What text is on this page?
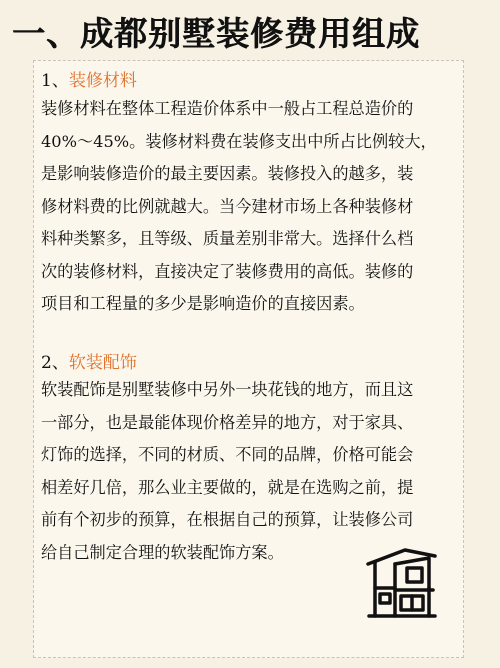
一、成都别墅装修费用组成
1、装修材料
装修材料在整体工程造价体系中一般占工程总造价的
40%～45%。装修材料费在装修支出中所占比例较大，
是影响装修造价的最主要因素。装修投入的越多，装
修材料费的比例就越大。当今建材市场上各种装修材
料种类繁多，且等级、质量差别非常大。选择什么档
次的装修材料，直接决定了装修费用的高低。装修的
项目和工程量的多少是影响造价的直接因素。
2、软装配饰
软装配饰是别墅装修中另外一块花钱的地方，而且这
一部分，也是最能体现价格差异的地方，对于家具、
灯饰的选择，不同的材质、不同的品牌，价格可能会
相差好几倍，那么业主要做的，就是在选购之前，提
前有个初步的预算，在根据自己的预算，让装修公司
给自己制定合理的软装配饰方案。
